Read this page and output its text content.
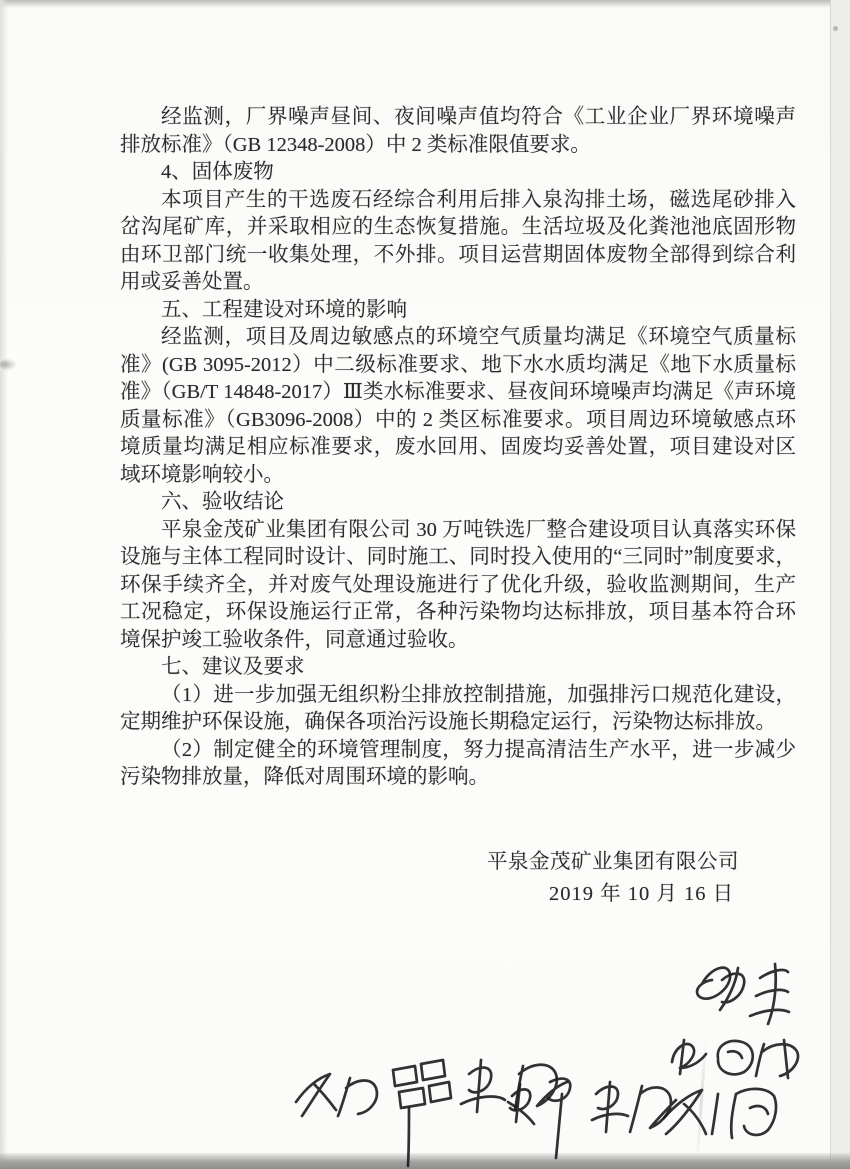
经监测，厂界噪声昼间、夜间噪声值均符合《工业企业厂界环境噪声排放标准》（GB 12348-2008）中 2 类标准限值要求。

4、固体废物

本项目产生的干选废石经综合利用后排入泉沟排土场，磁选尾砂排入岔沟尾矿库，并采取相应的生态恢复措施。生活垃圾及化粪池池底固形物由环卫部门统一收集处理，不外排。项目运营期固体废物全部得到综合利用或妥善处置。

五、工程建设对环境的影响

经监测，项目及周边敏感点的环境空气质量均满足《环境空气质量标准》(GB 3095-2012）中二级标准要求、地下水水质均满足《地下水质量标准》（GB/T 14848-2017）Ⅲ类水标准要求、昼夜间环境噪声均满足《声环境质量标准》（GB3096-2008）中的 2 类区标准要求。项目周边环境敏感点环境质量均满足相应标准要求，废水回用、固废均妥善处置，项目建设对区域环境影响较小。

六、验收结论

平泉金茂矿业集团有限公司 30 万吨铁选厂整合建设项目认真落实环保设施与主体工程同时设计、同时施工、同时投入使用的“三同时”制度要求，环保手续齐全，并对废气处理设施进行了优化升级，验收监测期间，生产工况稳定，环保设施运行正常，各种污染物均达标排放，项目基本符合环境保护竣工验收条件，同意通过验收。

七、建议及要求

（1）进一步加强无组织粉尘排放控制措施，加强排污口规范化建设，定期维护环保设施，确保各项治污设施长期稳定运行，污染物达标排放。

（2）制定健全的环境管理制度，努力提高清洁生产水平，进一步减少污染物排放量，降低对周围环境的影响。

平泉金茂矿业集团有限公司
2019 年 10 月 16 日
